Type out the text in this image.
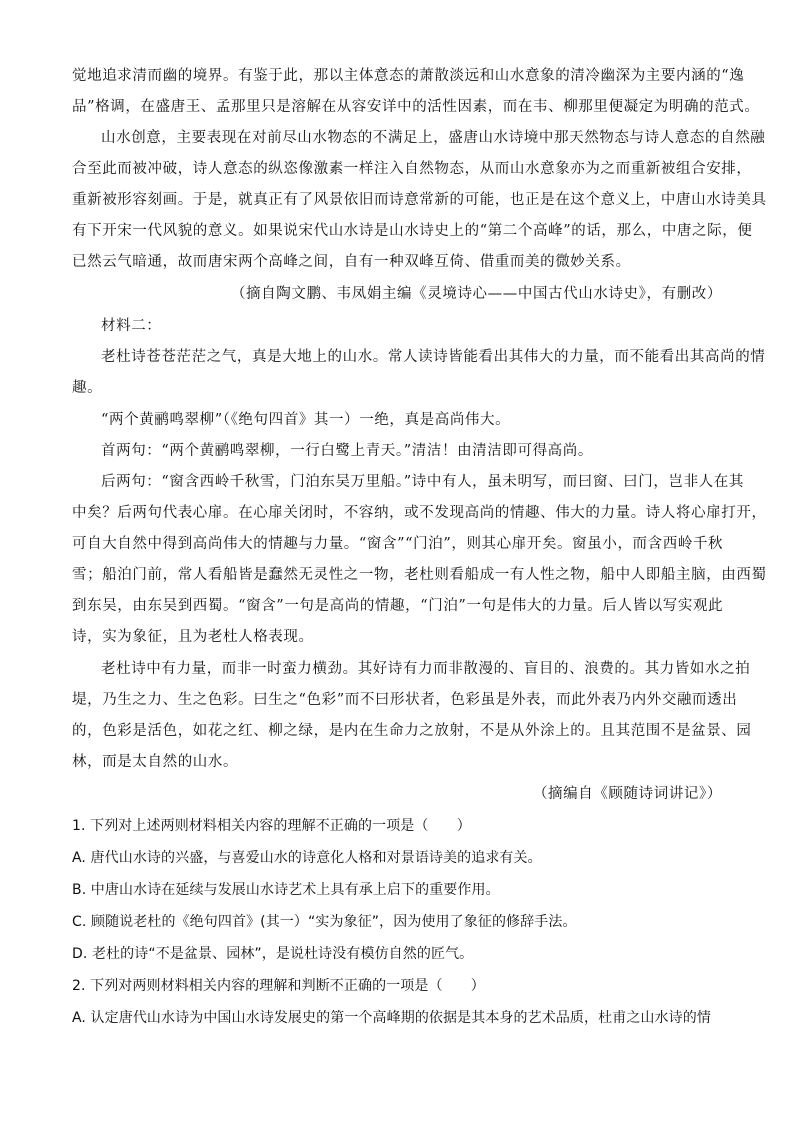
觉地追求清而幽的境界。有鉴于此，那以主体意态的萧散淡远和山水意象的清冷幽深为主要内涵的“逸
品”格调，在盛唐王、孟那里只是溶解在从容安详中的活性因素，而在韦、柳那里便凝定为明确的范式。
山水创意，主要表现在对前尽山水物态的不满足上，盛唐山水诗境中那天然物态与诗人意态的自然融
合至此而被冲破，诗人意态的纵恣像激素一样注入自然物态，从而山水意象亦为之而重新被组合安排，
重新被形容刻画。于是，就真正有了风景依旧而诗意常新的可能，也正是在这个意义上，中唐山水诗美具
有下开宋一代风貌的意义。如果说宋代山水诗是山水诗史上的“第二个高峰”的话，那么，中唐之际，便
已然云气暗通，故而唐宋两个高峰之间，自有一种双峰互倚、借重而美的微妙关系。
（摘自陶文鹏、韦凤娟主编《灵境诗心——中国古代山水诗史》，有删改）
材料二：
老杜诗苍苍茫茫之气，真是大地上的山水。常人读诗皆能看出其伟大的力量，而不能看出其高尚的情
趣。
“两个黄鹂鸣翠柳”（《绝句四首》其一）一绝，真是高尚伟大。
首两句：“两个黄鹂鸣翠柳，一行白鹭上青天。”清洁！由清洁即可得高尚。
后两句：“窗含西岭千秋雪，门泊东吴万里船。”诗中有人，虽未明写，而曰窗、曰门，岂非人在其
中矣？后两句代表心扉。在心扉关闭时，不容纳，或不发现高尚的情趣、伟大的力量。诗人将心扉打开，
可自大自然中得到高尚伟大的情趣与力量。“窗含”“门泊”，则其心扉开矣。窗虽小，而含西岭千秋
雪；船泊门前，常人看船皆是蠢然无灵性之一物，老杜则看船成一有人性之物，船中人即船主脑，由西蜀
到东吴，由东吴到西蜀。“窗含”一句是高尚的情趣，“门泊”一句是伟大的力量。后人皆以写实观此
诗，实为象征，且为老杜人格表现。
老杜诗中有力量，而非一时蛮力横劲。其好诗有力而非散漫的、盲目的、浪费的。其力皆如水之拍
堤，乃生之力、生之色彩。曰生之“色彩”而不曰形状者，色彩虽是外表，而此外表乃内外交融而透出
的，色彩是活色，如花之红、柳之绿，是内在生命力之放射，不是从外涂上的。且其范围不是盆景、园
林，而是太自然的山水。
（摘编自《顾随诗词讲记》）
1. 下列对上述两则材料相关内容的理解不正确的一项是（　　）
A. 唐代山水诗的兴盛，与喜爱山水的诗意化人格和对景语诗美的追求有关。
B. 中唐山水诗在延续与发展山水诗艺术上具有承上启下的重要作用。
C. 顾随说老杜的《绝句四首》(其一）“实为象征”，因为使用了象征的修辞手法。
D. 老杜的诗“不是盆景、园林”，是说杜诗没有模仿自然的匠气。
2. 下列对两则材料相关内容的理解和判断不正确的一项是（　　）
A. 认定唐代山水诗为中国山水诗发展史的第一个高峰期的依据是其本身的艺术品质，杜甫之山水诗的情
